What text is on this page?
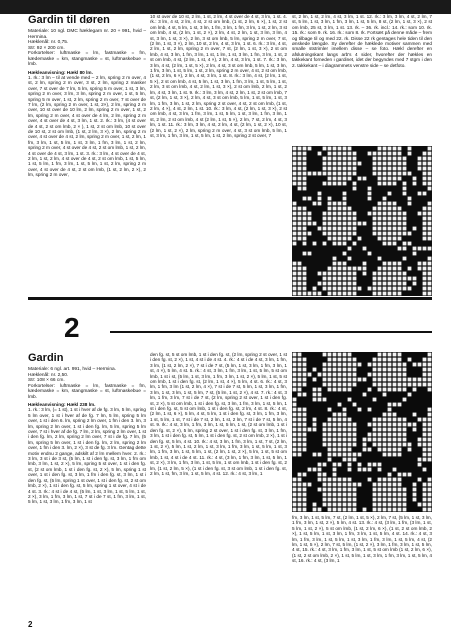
Gardin til døren
Materiale: 10 ngl. DMC hæklegarn nr. 20 + 991, hvid – Hermina.
Hæklenål: nr. 0,75.
Str: 92 × 200 cm.
Forkortelser: luftmaske = lm, fastmaske = fm, kædemaske = km, stangmaske = st, luftmaskebue = lmb.
Hækleanvisning: Hækl 80 lm.
1. rk.: 3 lm – til at vende med – 2 lm, spring 2 m over, 4 st, 2 lm, spring 2 m over, 3 st, 2 lm, spring 2 masker over, 7 st over de 7 lm, 5 lm, spring 5 m over, 1 st, 3 lm, spring 2 m over, 3 lm, 3 lm, spring 2 m over, 1 st, 5 lm, spring 5 m over, 1 st, 2 lm, spring 2 m over, 7 st over de 7 lm, (2 lm, spring 2 m over, 1 st, 2×), 2 lm, spring 2 m over, 10 st over de 10 lm, 2 lm, spring 2 m over, 1 st, 2 lm, spring 2 m over, 4 st over de 4 lm, 2 lm, spring 2 m over, 4 st over de 4 st, 3 lm, 1 st. 2. rk.: 3 lm, (4 st over de 4 st, 2 st om lmb, 2 × ), 1 st, 2 st om lmb, 10 st over de 10 st, 2 st om lmb, (1 st, 2 lm, 3 ×), 2 lm, spring 2 m over, 4 st over de 4 st, 2 lm, spring 2 m over, 1 st, 2 lm, 1 fm, 3 lm, 1 st, 5 lm, 1 st, 3 lm, 1 fm, 3 lm, 1 st, 2 lm, spring 2 m over, 4 st over de 4 st, 2 st om lmb, 1 st, 2 lm, 4 st over de 4 st, 3 lm, 1 st. 3. rk.: 3 lm, 4 st over de 4 st, 2 lm, 1 st, 2 lm, 4 st over de 4 st, 2 st om lmb, 1 st, 5 lm, 1 st, 5 lm, 1 fm, 3 lm, 1 st, 5 lm, 1 st, 2 lm, spring 2 m over, 4 st over de 4 st, 2 st om lmb, (1 st, 2 lm, 2 ×), 2 lm, spring 2 m over,
10 st over de 10 st, 2 lm, 1 st, 2 lm, 4 st over de 4 st, 3 lm, 1 st. 4. rk.: 3 lm, 4 st, 2 lm, 4 st, 2 st om lmb, (1 st, 2 lm, 6 ×), 1 st, 2 st om lmb, 4 st, 5 lm, 1 st, 3 lm, 1 fm, 3 lm, 1 fm, 3 lm, 1 st, 2 lm, 3 st om lmb, 4 st, (2 lm, 1 st, 2 ×), 2 lm, 4 st, 2 lm, 1 st, 3 lm, 3 lm, 4 st, 3 lm, 1 st, 3 ×), 2 lm, 3 st om lmb, 5 lm, spring 2 m over, 7 st, (2 lm, 1 st, 3 ×), 2 lm, 10 st, 2 lm, 4 st, 3 lm, 1 st. 6. rk.: 3 lm, 4 st, 2 lm, 1 st, 2 lm, spring 2 m over, 7 st, (2 lm, 1 st, 3 ×), 2 st om lmb, 4 st, 3 lm, 1 fm, 3 lm, 1 st, 1 lm, 1 st, 3 lm, 1 fm, 3 lm, 1 st, 2 st om lmb, 4 st, (2 lm, 1 st, 4 ×), 2 lm, 4 st, 3 lm, 1 st. 7. rk.: 3 lm, 3 lm, 4 st, (2 lm, 1 st, 5 ×), 2 lm, 4 st, 3 st om lmb, 5 lm, 1 st, 3 lm, 1 fm, 3 lm, 1 st, 5 lm, 1 st, 2 lm, spring 2 m over, 4 st, 2 st om lmb, (1 st, 2 lm, 6 ×), 2 lm, 4 st, 3 lm, 1 st. 8. rk.: 3 lm, 4 st, (2 lm, 1 st, 5 ×), 2 st om lmb, 4 st, 5 lm, 1 st, 3 lm, 1 fm, 3 lm, 1 st, 5 lm, 1 st, 2 lm, 3 st om lmb, 4 st, 2 lm, 1 st, 3 ×), 2 st om lmb, 2 lm, 1 st, 2 lm, 4 st, 3 lm, 1 st. 9. rk.: 3 lm, 3 lm, 4 st, 2 lm, 1 st, 2 st om lmb, 7 st, (2 lm, 1 st, 3 ×), 2 lm, 4 st, 3 st om lmb, 5 lm, 1 st, 5 lm, 1 st, 3 lm, 1 fm, 3 lm, 1 st, 2 lm, spring 2 st over, 4 st, 2 st om lmb, (1 st, 2 lm, 4 ×), 4 st, 2 lm, 1 st. 10. rk.: 3 lm, 4 st, (2 lm, 1 st, 3 ×), 2 st om lmb, 4 st, 3 lm, 1 fm, 3 lm, 1 st, 5 lm, 1 st, 3 lm, 1 fm, 3 lm, 1 st, 2 lm, 2 st om lmb, 4 st (2 lm, 1 st, 5 ×), 2 lm, 7 st, 2 lm, 4 st, 3 lm, 1 st. 11. rk.: 3 lm, 3 lm, 4 st, 2 lm, 4 st, (2 lm, 1 st, 2 ×), 10 st, (2 lm, 1 st, 2 ×), 2 lm, spring 2 m over, 4 st, 3 st om lmb, 5 lm, 1 st, 3 lm, 1 fm, 3 lm, 1 st, 5 lm, 1 st, 2 lm, spring 2 st over, 7
st, 2 lm, 1 st, 2 lm, 4 st, 3 lm, 1 st. 12. rk.: 3 lm, 3 lm, 4 st, 2 lm, 7 st, 5 lm, 1 st, 3 lm, 1 fm, 3 lm, 1 st, 5 lm, 8 st, (2 lm, 1 st, 3 ×), 2 st om lmb, 25 st, 3 lm, 1 st. 13. rk. – 36. rk. incl.: 14. rk.: som 10. rk. 15. rk.: som 9. rk. 16. rk.: som 8. rk. Fortsæt på denne måde – frem og tilbage til og med 22. rk. Disse 22 rk gentages hele tiden til den ønskede længde. Sy derefter de hæklede motiver sammen med smalle ststrimler imellem disse – se foto. Hækl derefter en afslutningskant langs arb's 4 sider, hvorefter der hækles en takkekant forneden i gardinet, idet der begyndes med 7 stgm i den 2. takkekant – i diagrammets venstre side – se detfoto.
2
Gardin
Materiale: 6 ngl. art. 991, hvid – Hermina.
Hæklenål: nr. 2,50.
Str: 108 × 66 cm.
Forkortelser: luftmaske = lm, fastmaske = fm, kædemaske = km, stangmaske = st, luftmaskebue = lmb.
Hækleanvisning: Hækl 238 lm.
1. rk.: 3 lm, (= 1 st), 1 st i hver af de fg. 3 lm, 5 lm, spring 5 lm over, 1 st i hver af de fg. 7 lm, 5 lm, spring 5 lm over, 1 st i den 6. lm, spring 2 lm over, 1 fm i den 3. lm, 3 lm, spring 2 lm over, 1 st i den fg. lm, 5 lm, spring 5 lm over, 7 st i hver af de fg. 7 lm, 2 lm, spring 2 lm over, 1 st i den fg. lm, 2 lm, spring 2 lm over, 7 st i de fg. 7 lm, (5 lm, spring 5 lm over, 1 st i den fg. lm, 2 lm, spring 2 lm over, 1 fm i den 3. lm, 2 ×), 3 st de fg. 3 lm. Gentag dette motiv endnu 2 gange, adskilt af 2 lm mellem hver. 2. rk.: 3 lm, 3 st i de 3 st, (5 lm, 1 st i den fg. st, 3 lm, 1 fm om lmb, 3 lm, 1 st, 2 ×), 5 lm, spring 5 st over, 1 st i den fg. st, (2 st om lmb, 1 st i den fg. st, 2 ×), 5 lm, spring 1 st over, 1 st i den fg. st, 3 lm, 1 fm i den fg. st, 3 lm, 1 st i den fg. st, (5 lm, spring 1 st over, 1 st i den fg. st, 2 st om lmb, 2 ×), 1 st i den fg. st, 5 lm, spring 1 st over, 4 st i de 4 st. 3. rk.: 4 st i de 4 st, (5 lm, 1 st, 3 lm, 1 st, 5 lm, 1 st, 2 ×), 3 lm, 1 fm, 3 lm, 1 st, 7 st i de 7 st, 1 fm, 3 lm, 1 st, 5 lm, 1 st, 3 lm, 1 fm, 3 lm, 1 st
den fg. st, 5 st om lmb, 1 st i den fg. st, (2 lm, spring 2 st over, 1 st i den fg. st, 2 ×), 1 st, 4 st i de 4 st. 4. rk.: 4 st i de 4 st, 3 lm, 1 fm, 3 lm, (1 st, 2 lm, 2 ×), 7 st i de 7 st, (5 lm, 1 st, 3 lm, 1 fm, 3 lm, 1 st, 4 ×), 5 lm, 4 st. 5. rk.: 4 st, 3 lm, 1 fm, 3 lm, 1 st, 5 lm, 5 st om lmb, 1 st i st, (5 lm, 1 st, 3 lm, 1 fm, 3 lm, 1 st, 2 ×), 5 lm, 1 st, 5 st om lmb, 1 st i den fg. st, (2 lm, 1 st, 4 ×), 5 lm, 4 st. 6. rk.: 4 st, 3 lm, 1 fm, 3 lm (1 st, 2 lm, 4 ×), 7 st i de 7 st, 5 lm, 1 st, 3 lm, 1 fm, 3 lm, 1 st, 3 lm, 1 st, 5 lm, 7 st, (5 lm, 1 st, 2 ×), 4 st. 7. rk.: 4 st, 3 lm, 1 fm, 3 lm, 7 st i de 7 st, (2 lm, spring 2 st over, 1 st i den fg. st, 2 ×), 5 st om lmb, 1 st i den fg. st, 3 lm, 1 fm, 3 lm, 1 st, 5 lm, 1 st i den fg. st, 5 st om lmb, 1 st i den fg. st, 2 lm, 4 st. 8. rk.: 4 st, (2 lm, 1 st, 6 ×), 5 lm, 4 st, 5 lm, 1 st i den fg. st, 3 lm, 1 fm, 3 lm, 1 st, 5 lm, 1 st, 7 st i de 7 st, 2 lm, 1 st, 2 lm, 7 st i de 7 st, 5 lm, 4 st. 9. rk.: 4 st, 3 lm, 1 fm, 3 lm, 1 st, 5 lm, 1 st, (2 st om lmb, 1 st i den fg. st, 2 ×), 5 lm, spring 2 st over, 1 st i den fg. st, 3 lm, 1 fm, 3 lm, 1 st i den fg. st, 5 lm, 1 st i den fg. st, 2 st om lmb, 2 ×), 1 st i den fg. st, 5 lm, 4 st. 10. rk.: 4 st, 3 lm, 1 fm, 3 lm, 1 st, 7 st, (2 lm, 1 st, 2 ×), 5 lm, 1 st, 2 lm, 1 st, 3 lm, 1 fm, 3 lm, 1 st, 5 lm, 1 st, 3 lm, 1 fm, 3 lm, 1 st, 5 lm, 1 st, (2 lm, 1 st, 2 ×), 5 lm, 1 st, 5 st om lmb, 1 st, 4 st i de 4 st. 11. rk.: 4 st, (3 lm, 1 fm, 3 lm, 1 st, 5 lm, 1 st, 2 ×), 3 lm, 1 fm, 3 lm, 1 st, 5 lm, 1 st om lmb, 1 st i den fg. st, 2 lm, (1 st, 2 lm, 5 ×), (1 st i den fg. st, 3 st om lmb, 1 st i den fg. st, 2 lm, 1 st, fm, 3 lm, 1 st, 5 lm, 4 st. 12. rk.: 4 st, 3 lm, 1
fm, 3 lm, 1 st, 5 lm, 7 st, (2 lm, 1 st, 5 ×), 2 lm, 7 st, (5 lm, 1 st, 3 lm, 1 fm, 3 lm, 1 st, 2 ×), 5 lm, 4 st. 13. rk.: 4 st, (3 lm, 1 fm, (3 lm, 1 st, 5 lm, 1 st, 2 ×), 5 st om lmb, (1 st, 2 lm, 6 ×), (1 st, 2 st om lmb, 2 ×), 1 st, 5 lm, 1 st, 3 lm, 1 fm, 3 lm, 1 st, 5 lm, 4 st. 14. rk.: 4 st, 3 lm, 1 fm, 3 lm, 1 st, 5 lm, 1 st, 3 lm, 1 fm, 3 lm, 1 st, 5 lm, 4 st, (2 lm, 1 st, 5 ×), 2 lm, 7 st, 5 lm, (1 st, 2 ×), 3 lm, 1 fm, 3 lm, 1 st, 5 lm, 4 st, 15. rk.: 4 st, 3 lm, 1 fm, 3 lm, 1 st, 5 st om lmb (1 st, 2 lm, 6 ×), (1 st, 2 st om lmb, 2 ×), 1 st, 5 lm, 1 st, 3 lm, 1 fm, 3 lm, 1 st, 5 lm, 4 st, 16. rk.: 4 st, (3 lm, 1
2
